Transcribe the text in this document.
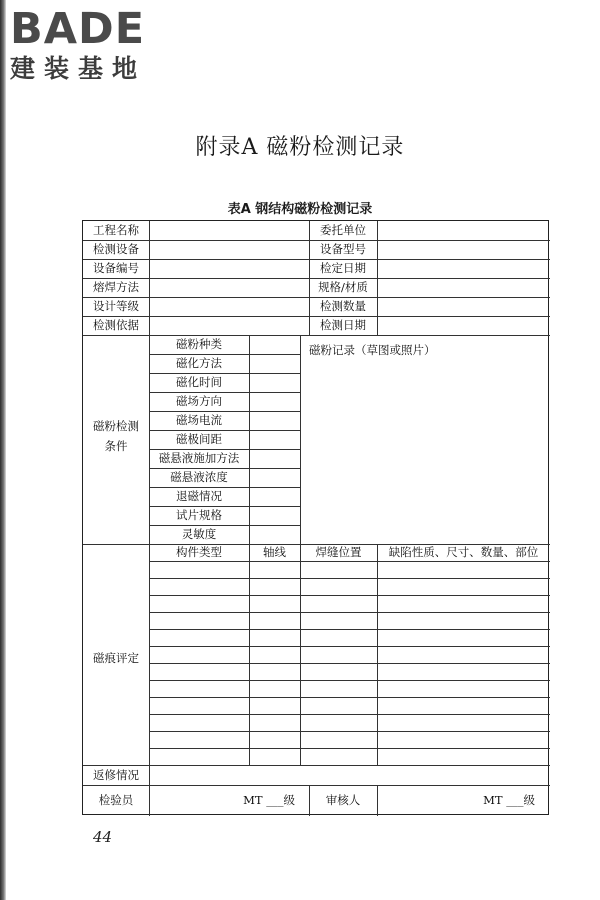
BADE
建装基地
附录A 磁粉检测记录
表A 钢结构磁粉检测记录
工程名称	委托单位
检测设备	设备型号
设备编号	检定日期
熔焊方法	规格/材质
设计等级	检测数量
检测依据	检测日期
磁粉种类
磁化方法
磁化时间
磁场方向
磁场电流
磁极间距
磁悬液施加方法
磁悬液浓度
退磁情况
试片规格
灵敏度
磁粉检测
条件
磁粉记录（草图或照片）
构件类型	轴线	焊缝位置	缺陷性质、尺寸、数量、部位
磁痕评定
返修情况
检验员	MT ___级	审核人	MT ___级
44
